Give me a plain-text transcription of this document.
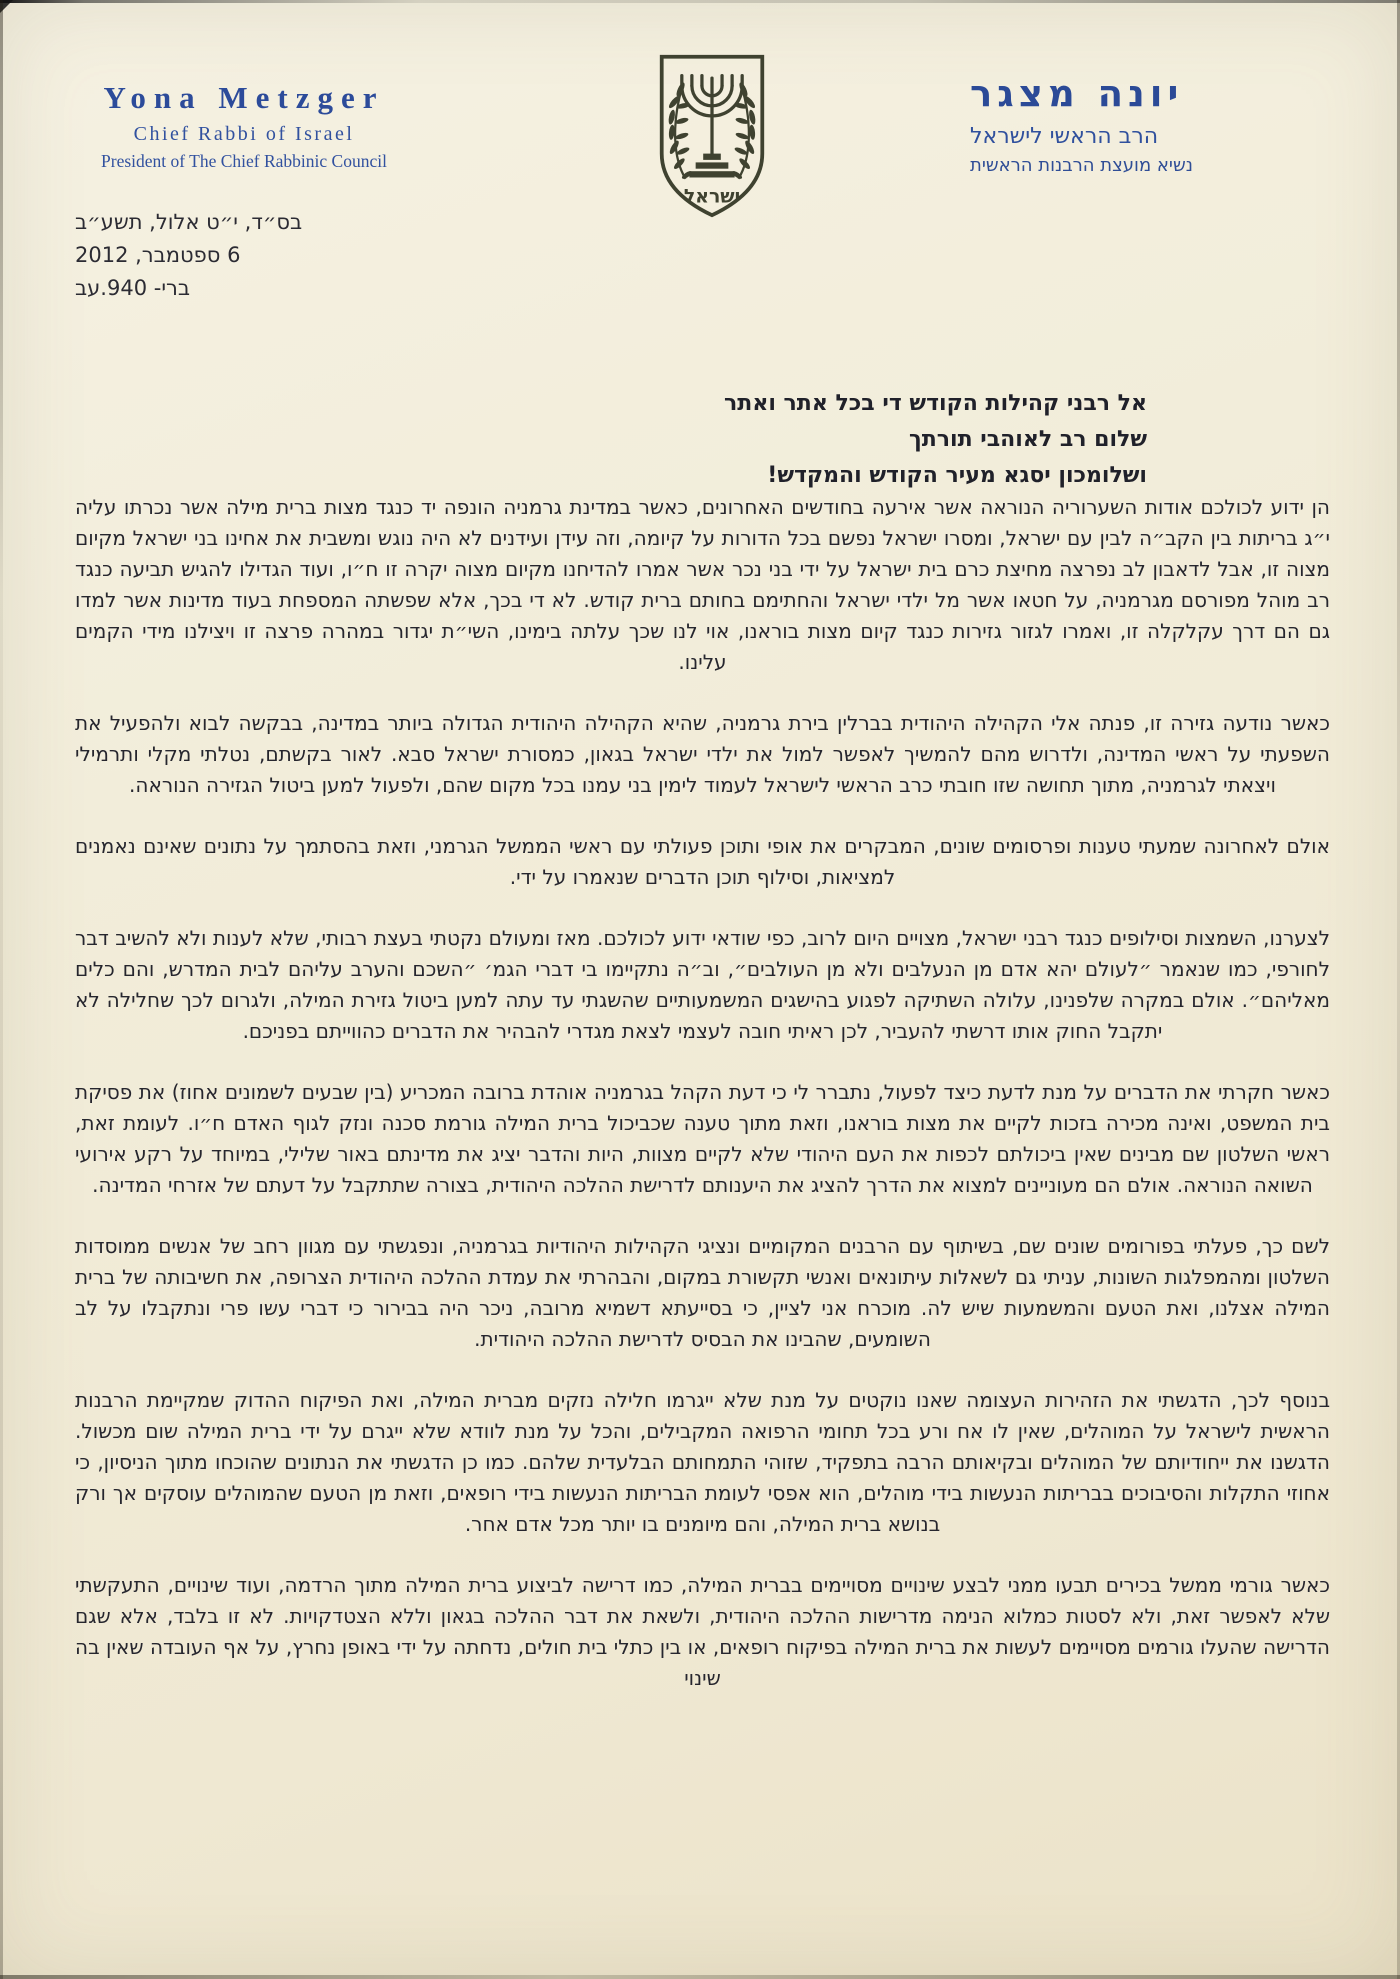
Yona Metzger
Chief Rabbi of Israel
President of The Chief Rabbinic Council
ישראל
יונה מצגר
הרב הראשי לישראל
נשיא מועצת הרבנות הראשית
בס״ד, י״ט אלול, תשע״ב
6 ספטמבר, 2012
ברי- 940.עב
אל רבני קהילות הקודש די בכל אתר ואתר
שלום רב לאוהבי תורתך
ושלומכון יסגא מעיר הקודש והמקדש!

הן ידוע לכולכם אודות השערוריה הנוראה אשר אירעה בחודשים האחרונים, כאשר במדינת גרמניה הונפה יד כנגד מצות ברית מילה אשר נכרתו עליה י״ג בריתות בין הקב״ה לבין עם ישראל, ומסרו ישראל נפשם בכל הדורות על קיומה, וזה עידן ועידנים לא היה נוגש ומשבית את אחינו בני ישראל מקיום מצוה זו, אבל לדאבון לב נפרצה מחיצת כרם בית ישראל על ידי בני נכר אשר אמרו להדיחנו מקיום מצוה יקרה זו ח״ו, ועוד הגדילו להגיש תביעה כנגד רב מוהל מפורסם מגרמניה, על חטאו אשר מל ילדי ישראל והחתימם בחותם ברית קודש. לא די בכך, אלא שפשתה המספחת בעוד מדינות אשר למדו גם הם דרך עקלקלה זו, ואמרו לגזור גזירות כנגד קיום מצות בוראנו, אוי לנו שכך עלתה בימינו, השי״ת יגדור במהרה פרצה זו ויצילנו מידי הקמים עלינו.

כאשר נודעה גזירה זו, פנתה אלי הקהילה היהודית בברלין בירת גרמניה, שהיא הקהילה היהודית הגדולה ביותר במדינה, בבקשה לבוא ולהפעיל את השפעתי על ראשי המדינה, ולדרוש מהם להמשיך לאפשר למול את ילדי ישראל בגאון, כמסורת ישראל סבא. לאור בקשתם, נטלתי מקלי ותרמילי ויצאתי לגרמניה, מתוך תחושה שזו חובתי כרב הראשי לישראל לעמוד לימין בני עמנו בכל מקום שהם, ולפעול למען ביטול הגזירה הנוראה.

אולם לאחרונה שמעתי טענות ופרסומים שונים, המבקרים את אופי ותוכן פעולתי עם ראשי הממשל הגרמני, וזאת בהסתמך על נתונים שאינם נאמנים למציאות, וסילוף תוכן הדברים שנאמרו על ידי.

לצערנו, השמצות וסילופים כנגד רבני ישראל, מצויים היום לרוב, כפי שודאי ידוע לכולכם. מאז ומעולם נקטתי בעצת רבותי, שלא לענות ולא להשיב דבר לחורפי, כמו שנאמר ״לעולם יהא אדם מן הנעלבים ולא מן העולבים״, וב״ה נתקיימו בי דברי הגמ׳ ״השכם והערב עליהם לבית המדרש, והם כלים מאליהם״. אולם במקרה שלפנינו, עלולה השתיקה לפגוע בהישגים המשמעותיים שהשגתי עד עתה למען ביטול גזירת המילה, ולגרום לכך שחלילה לא יתקבל החוק אותו דרשתי להעביר, לכן ראיתי חובה לעצמי לצאת מגדרי להבהיר את הדברים כהווייתם בפניכם.

כאשר חקרתי את הדברים על מנת לדעת כיצד לפעול, נתברר לי כי דעת הקהל בגרמניה אוהדת ברובה המכריע (בין שבעים לשמונים אחוז) את פסיקת בית המשפט, ואינה מכירה בזכות לקיים את מצות בוראנו, וזאת מתוך טענה שכביכול ברית המילה גורמת סכנה ונזק לגוף האדם ח״ו. לעומת זאת, ראשי השלטון שם מבינים שאין ביכולתם לכפות את העם היהודי שלא לקיים מצוות, היות והדבר יציג את מדינתם באור שלילי, במיוחד על רקע אירועי השואה הנוראה. אולם הם מעוניינים למצוא את הדרך להציג את היענותם לדרישת ההלכה היהודית, בצורה שתתקבל על דעתם של אזרחי המדינה.

לשם כך, פעלתי בפורומים שונים שם, בשיתוף עם הרבנים המקומיים ונציגי הקהילות היהודיות בגרמניה, ונפגשתי עם מגוון רחב של אנשים ממוסדות השלטון ומהמפלגות השונות, עניתי גם לשאלות עיתונאים ואנשי תקשורת במקום, והבהרתי את עמדת ההלכה היהודית הצרופה, את חשיבותה של ברית המילה אצלנו, ואת הטעם והמשמעות שיש לה. מוכרח אני לציין, כי בסייעתא דשמיא מרובה, ניכר היה בבירור כי דברי עשו פרי ונתקבלו על לב השומעים, שהבינו את הבסיס לדרישת ההלכה היהודית.

בנוסף לכך, הדגשתי את הזהירות העצומה שאנו נוקטים על מנת שלא ייגרמו חלילה נזקים מברית המילה, ואת הפיקוח ההדוק שמקיימת הרבנות הראשית לישראל על המוהלים, שאין לו אח ורע בכל תחומי הרפואה המקבילים, והכל על מנת לוודא שלא ייגרם על ידי ברית המילה שום מכשול. הדגשנו את ייחודיותם של המוהלים ובקיאותם הרבה בתפקיד, שזוהי התמחותם הבלעדית שלהם. כמו כן הדגשתי את הנתונים שהוכחו מתוך הניסיון, כי אחוזי התקלות והסיבוכים בבריתות הנעשות בידי מוהלים, הוא אפסי לעומת הבריתות הנעשות בידי רופאים, וזאת מן הטעם שהמוהלים עוסקים אך ורק בנושא ברית המילה, והם מיומנים בו יותר מכל אדם אחר.

כאשר גורמי ממשל בכירים תבעו ממני לבצע שינויים מסויימים בברית המילה, כמו דרישה לביצוע ברית המילה מתוך הרדמה, ועוד שינויים, התעקשתי שלא לאפשר זאת, ולא לסטות כמלוא הנימה מדרישות ההלכה היהודית, ולשאת את דבר ההלכה בגאון וללא הצטדקויות. לא זו בלבד, אלא שגם הדרישה שהעלו גורמים מסויימים לעשות את ברית המילה בפיקוח רופאים, או בין כתלי בית חולים, נדחתה על ידי באופן נחרץ, על אף העובדה שאין בה שינוי
